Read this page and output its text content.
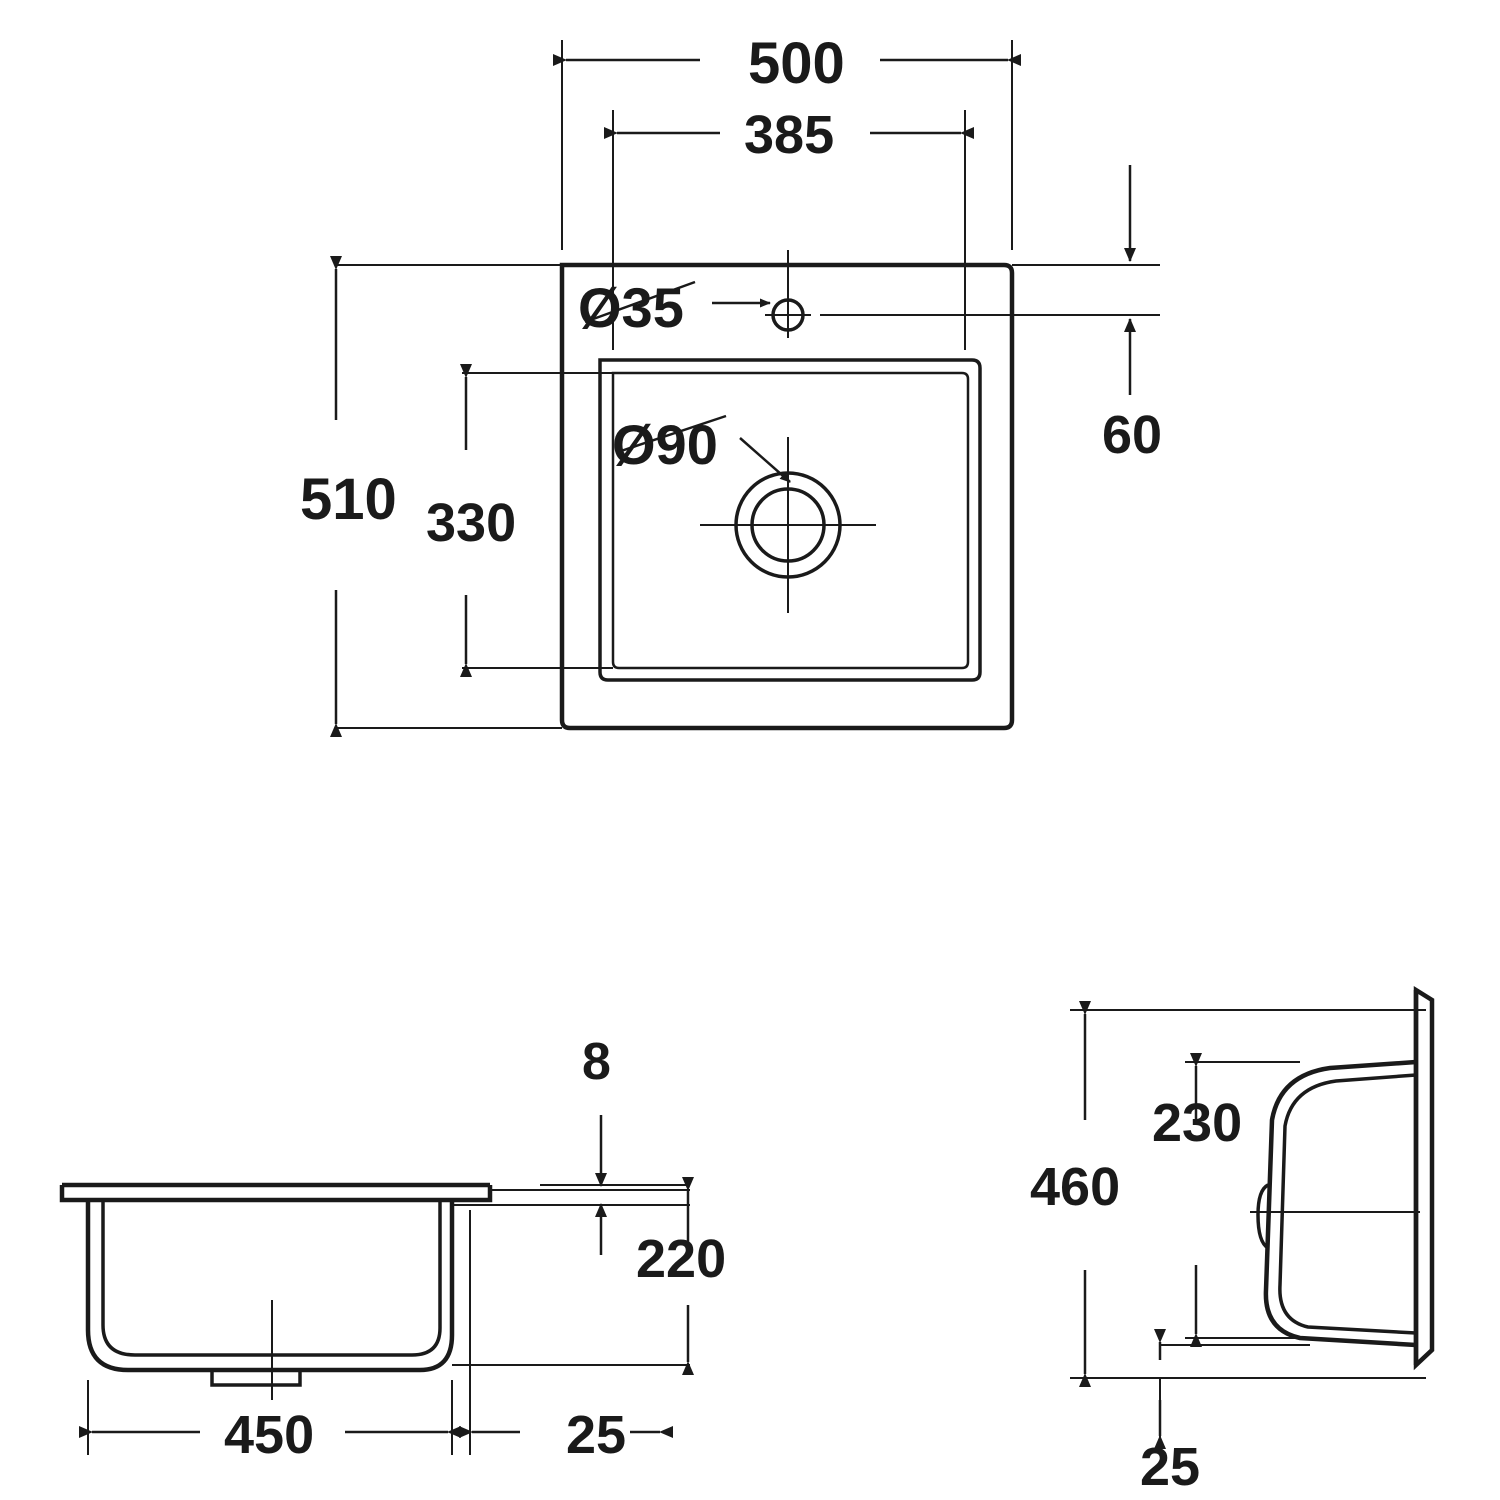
500
385
Ø35
Ø90
510 330
60
8
220
450	25
460
230
25
